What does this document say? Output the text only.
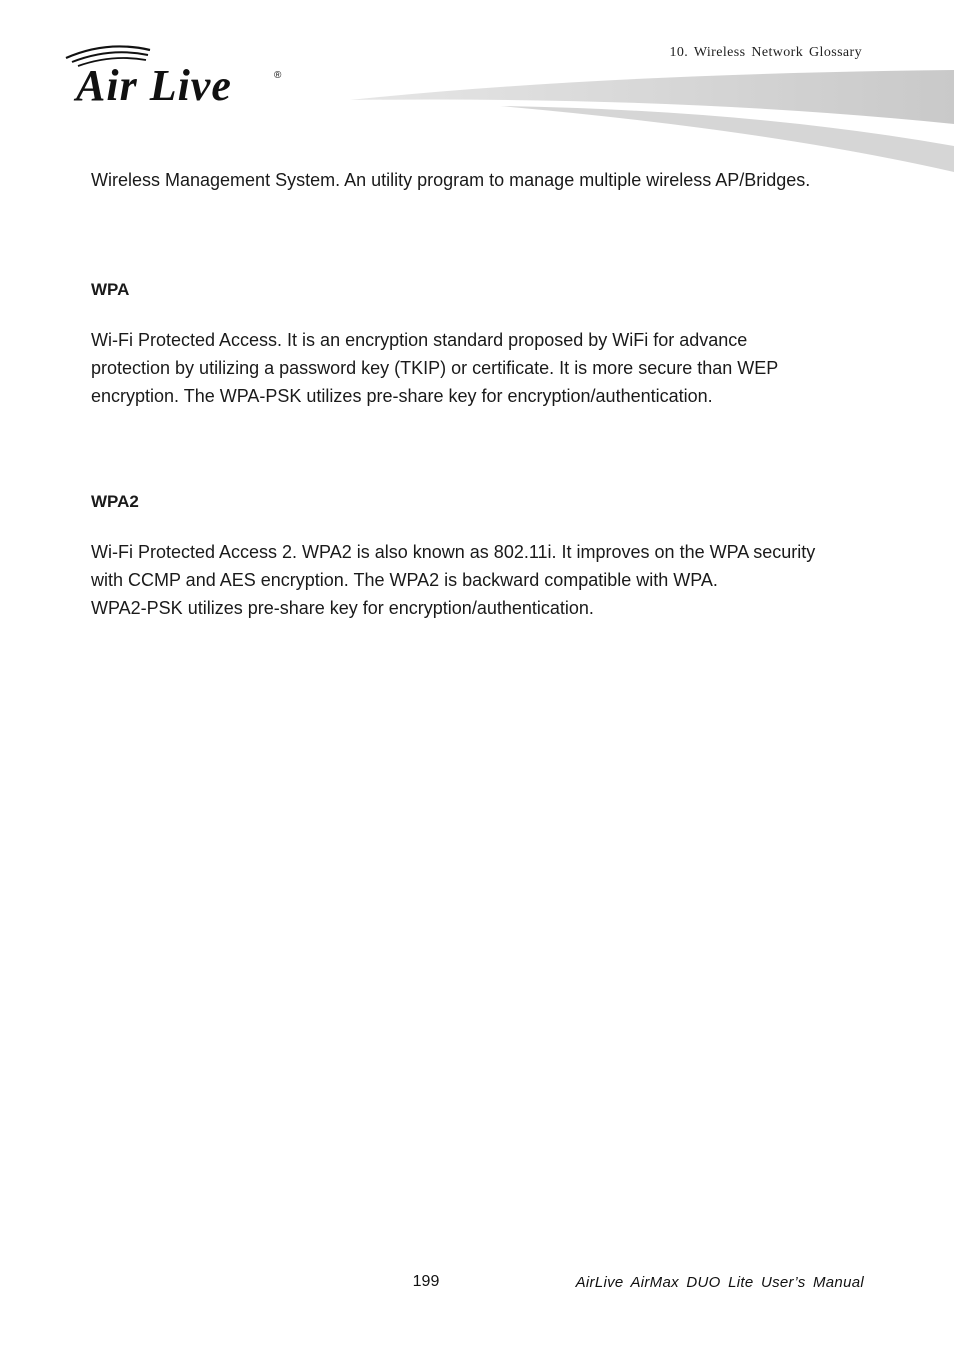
Air Live	®
10. Wireless Network Glossary

Wireless Management System. An utility program to manage multiple wireless AP/Bridges.

WPA

Wi-Fi Protected Access. It is an encryption standard proposed by WiFi for advance
protection by utilizing a password key (TKIP) or certificate. It is more secure than WEP
encryption. The WPA-PSK utilizes pre-share key for encryption/authentication.

WPA2

Wi-Fi Protected Access 2. WPA2 is also known as 802.11i. It improves on the WPA security
with CCMP and AES encryption. The WPA2 is backward compatible with WPA.
WPA2-PSK utilizes pre-share key for encryption/authentication.

199	AirLive AirMax DUO Lite User’s Manual
